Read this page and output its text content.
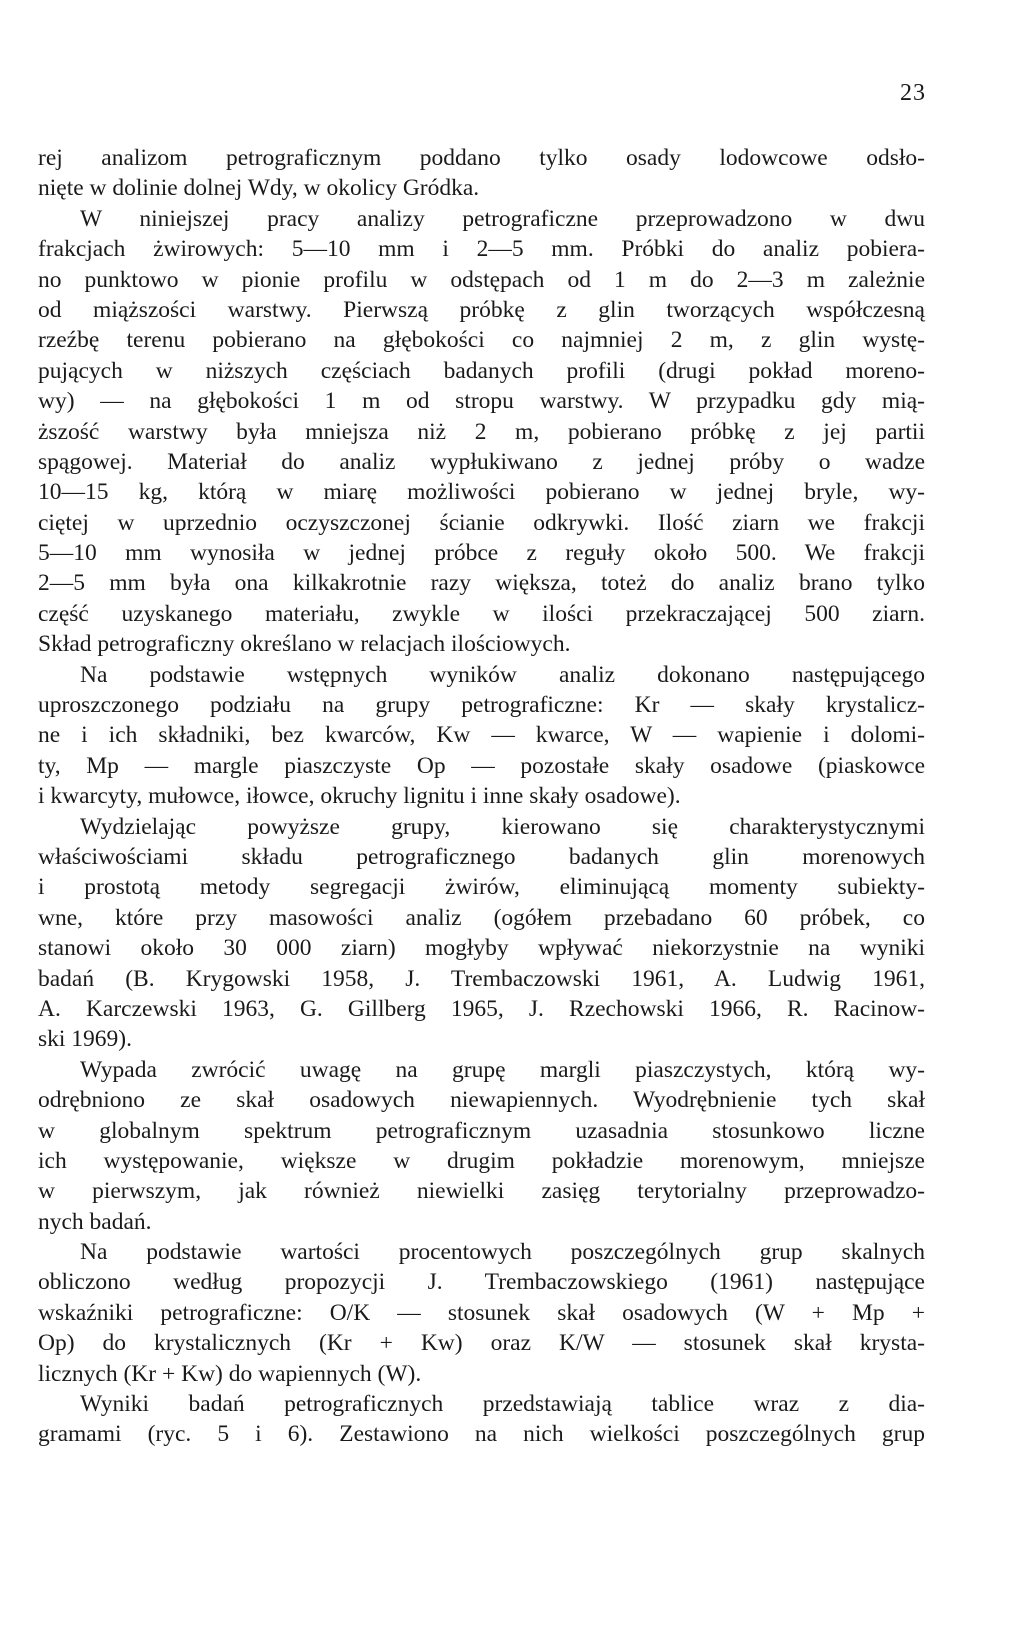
23
rej analizom petrograficznym poddano tylko osady lodowcowe odsło-
nięte w dolinie dolnej Wdy, w okolicy Gródka.
W niniejszej pracy analizy petrograficzne przeprowadzono w dwu
frakcjach żwirowych: 5—10 mm i 2—5 mm. Próbki do analiz pobiera-
no punktowo w pionie profilu w odstępach od 1 m do 2—3 m zależnie
od miąższości warstwy. Pierwszą próbkę z glin tworzących współczesną
rzeźbę terenu pobierano na głębokości co najmniej 2 m, z glin wystę-
pujących w niższych częściach badanych profili (drugi pokład moreno-
wy) — na głębokości 1 m od stropu warstwy. W przypadku gdy mią-
ższość warstwy była mniejsza niż 2 m, pobierano próbkę z jej partii
spągowej. Materiał do analiz wypłukiwano z jednej próby o wadze
10—15 kg, którą w miarę możliwości pobierano w jednej bryle, wy-
ciętej w uprzednio oczyszczonej ścianie odkrywki. Ilość ziarn we frakcji
5—10 mm wynosiła w jednej próbce z reguły około 500. We frakcji
2—5 mm była ona kilkakrotnie razy większa, toteż do analiz brano tylko
część uzyskanego materiału, zwykle w ilości przekraczającej 500 ziarn.
Skład petrograficzny określano w relacjach ilościowych.
Na podstawie wstępnych wyników analiz dokonano następującego
uproszczonego podziału na grupy petrograficzne: Kr — skały krystalicz-
ne i ich składniki, bez kwarców, Kw — kwarce, W — wapienie i dolomi-
ty, Mp — margle piaszczyste Op — pozostałe skały osadowe (piaskowce
i kwarcyty, mułowce, iłowce, okruchy lignitu i inne skały osadowe).
Wydzielając powyższe grupy, kierowano się charakterystycznymi
właściwościami składu petrograficznego badanych glin morenowych
i prostotą metody segregacji żwirów, eliminującą momenty subiekty-
wne, które przy masowości analiz (ogółem przebadano 60 próbek, co
stanowi około 30 000 ziarn) mogłyby wpływać niekorzystnie na wyniki
badań (B. Krygowski 1958, J. Trembaczowski 1961, A. Ludwig 1961,
A. Karczewski 1963, G. Gillberg 1965, J. Rzechowski 1966, R. Racinow-
ski 1969).
Wypada zwrócić uwagę na grupę margli piaszczystych, którą wy-
odrębniono ze skał osadowych niewapiennych. Wyodrębnienie tych skał
w globalnym spektrum petrograficznym uzasadnia stosunkowo liczne
ich występowanie, większe w drugim pokładzie morenowym, mniejsze
w pierwszym, jak również niewielki zasięg terytorialny przeprowadzo-
nych badań.
Na podstawie wartości procentowych poszczególnych grup skalnych
obliczono według propozycji J. Trembaczowskiego (1961) następujące
wskaźniki petrograficzne: O/K — stosunek skał osadowych (W + Mp +
Op) do krystalicznych (Kr + Kw) oraz K/W — stosunek skał krysta-
licznych (Kr + Kw) do wapiennych (W).
Wyniki badań petrograficznych przedstawiają tablice wraz z dia-
gramami (ryc. 5 i 6). Zestawiono na nich wielkości poszczególnych grup
